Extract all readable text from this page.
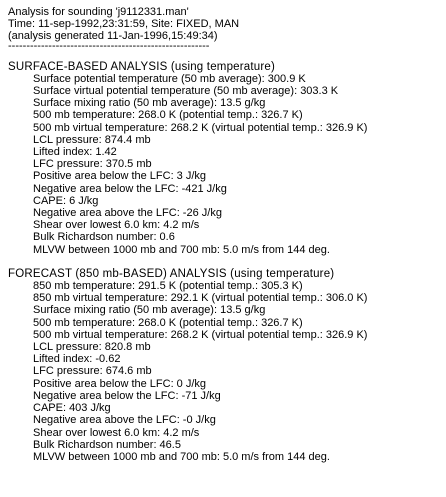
Analysis for sounding 'j9112331.man'

Time: 11-sep-1992,23:31:59, Site: FIXED, MAN

(analysis generated 11-Jan-1996,15:49:34)

-------------------------------------------------------

SURFACE-BASED ANALYSIS (using temperature)

Surface potential temperature (50 mb average): 300.9 K

Surface virtual potential temperature (50 mb average): 303.3 K

Surface mixing ratio (50 mb average): 13.5 g/kg

500 mb temperature: 268.0 K (potential temp.: 326.7 K)

500 mb virtual temperature: 268.2 K (virtual potential temp.: 326.9 K)

LCL pressure: 874.4 mb

Lifted index: 1.42

LFC pressure: 370.5 mb

Positive area below the LFC: 3 J/kg

Negative area below the LFC: -421 J/kg

CAPE: 6 J/kg

Negative area above the LFC: -26 J/kg

Shear over lowest 6.0 km: 4.2 m/s

Bulk Richardson number: 0.6

MLVW between 1000 mb and 700 mb: 5.0 m/s from 144 deg.

FORECAST (850 mb-BASED) ANALYSIS (using temperature)

850 mb temperature: 291.5 K (potential temp.: 305.3 K)

850 mb virtual temperature: 292.1 K (virtual potential temp.: 306.0 K)

Surface mixing ratio (50 mb average): 13.5 g/kg

500 mb temperature: 268.0 K (potential temp.: 326.7 K)

500 mb virtual temperature: 268.2 K (virtual potential temp.: 326.9 K)

LCL pressure: 820.8 mb

Lifted index: -0.62

LFC pressure: 674.6 mb

Positive area below the LFC: 0 J/kg

Negative area below the LFC: -71 J/kg

CAPE: 403 J/kg

Negative area above the LFC: -0 J/kg

Shear over lowest 6.0 km: 4.2 m/s

Bulk Richardson number: 46.5

MLVW between 1000 mb and 700 mb: 5.0 m/s from 144 deg.
